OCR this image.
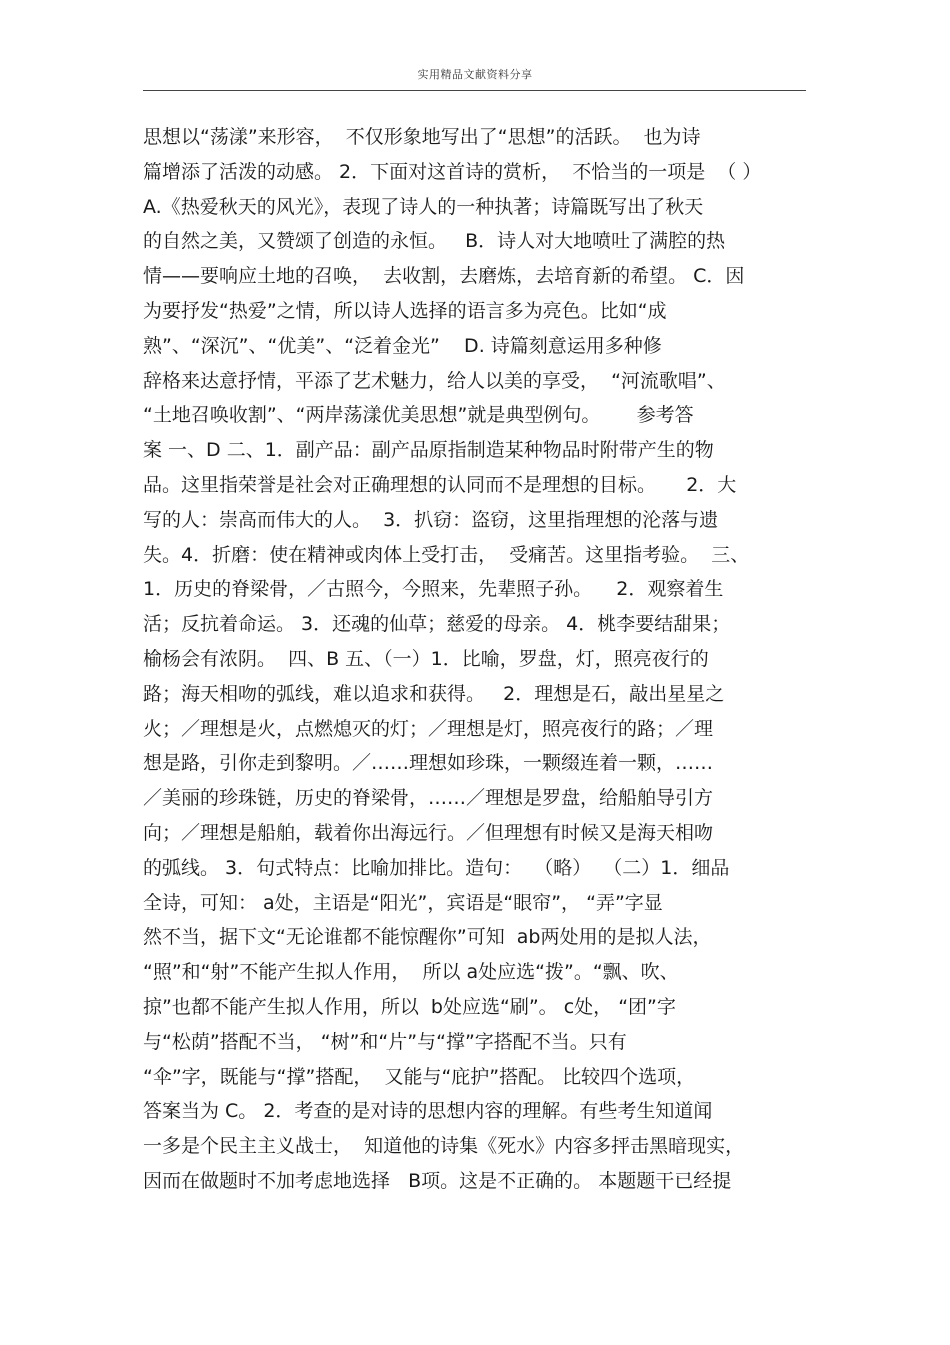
实用精品文献资料分享
思想以“荡漾”来形容，  不仅形象地写出了“思想”的活跃。  也为诗
篇增添了活泼的动感。 2．下面对这首诗的赏析，  不恰当的一项是  （ ）
A.《热爱秋天的风光》，表现了诗人的一种执著；诗篇既写出了秋天
的自然之美，又赞颂了创造的永恒。   B．诗人对大地喷吐了满腔的热
情——要响应土地的召唤，  去收割，去磨炼，去培育新的希望。 C．因
为要抒发“热爱”之情，所以诗人选择的语言多为亮色。比如“成
熟”、“深沉”、“优美”、“泛着金光”    D. 诗篇刻意运用多种修
辞格来达意抒情，平添了艺术魅力，给人以美的享受，  “河流歌唱”、
“土地召唤收割”、“两岸荡漾优美思想”就是典型例句。      参考答
案 一、D 二、1．副产品：副产品原指制造某种物品时附带产生的物
品。这里指荣誉是社会对正确理想的认同而不是理想的目标。     2．大
写的人：崇高而伟大的人。  3．扒窃：盗窃，这里指理想的沦落与遗
失。4．折磨：使在精神或肉体上受打击，  受痛苦。这里指考验。  三、
1．历史的脊梁骨，／古照今，今照来，先辈照子孙。    2．观察着生
活；反抗着命运。 3．还魂的仙草；慈爱的母亲。 4．桃李要结甜果；
榆杨会有浓阴。  四、B 五、（一）1．比喻，罗盘，灯，照亮夜行的
路；海天相吻的弧线，难以追求和获得。   2．理想是石，敲出星星之
火；／理想是火，点燃熄灭的灯；／理想是灯，照亮夜行的路；／理
想是路，引你走到黎明。／……理想如珍珠，一颗缀连着一颗，……
／美丽的珍珠链，历史的脊梁骨，……／理想是罗盘，给船舶导引方
向；／理想是船舶，载着你出海远行。／但理想有时候又是海天相吻
的弧线。 3．句式特点：比喻加排比。造句：  （略）  （二）1．细品
全诗，可知： a处，主语是“阳光”，宾语是“眼帘”， “弄”字显
然不当，据下文“无论谁都不能惊醒你”可知  ab两处用的是拟人法，
“照”和“射”不能产生拟人作用，  所以 a处应选“拨”。“飘、吹、
掠”也都不能产生拟人作用，所以  b处应选“刷”。 c处， “团”字
与“松荫”搭配不当， “树”和“片”与“撑”字搭配不当。只有
“伞”字，既能与“撑”搭配，  又能与“庇护”搭配。 比较四个选项，
答案当为 C。 2．考查的是对诗的思想内容的理解。有些考生知道闻
一多是个民主主义战士，  知道他的诗集《死水》内容多抨击黑暗现实，
因而在做题时不加考虑地选择   B项。这是不正确的。 本题题干已经提
